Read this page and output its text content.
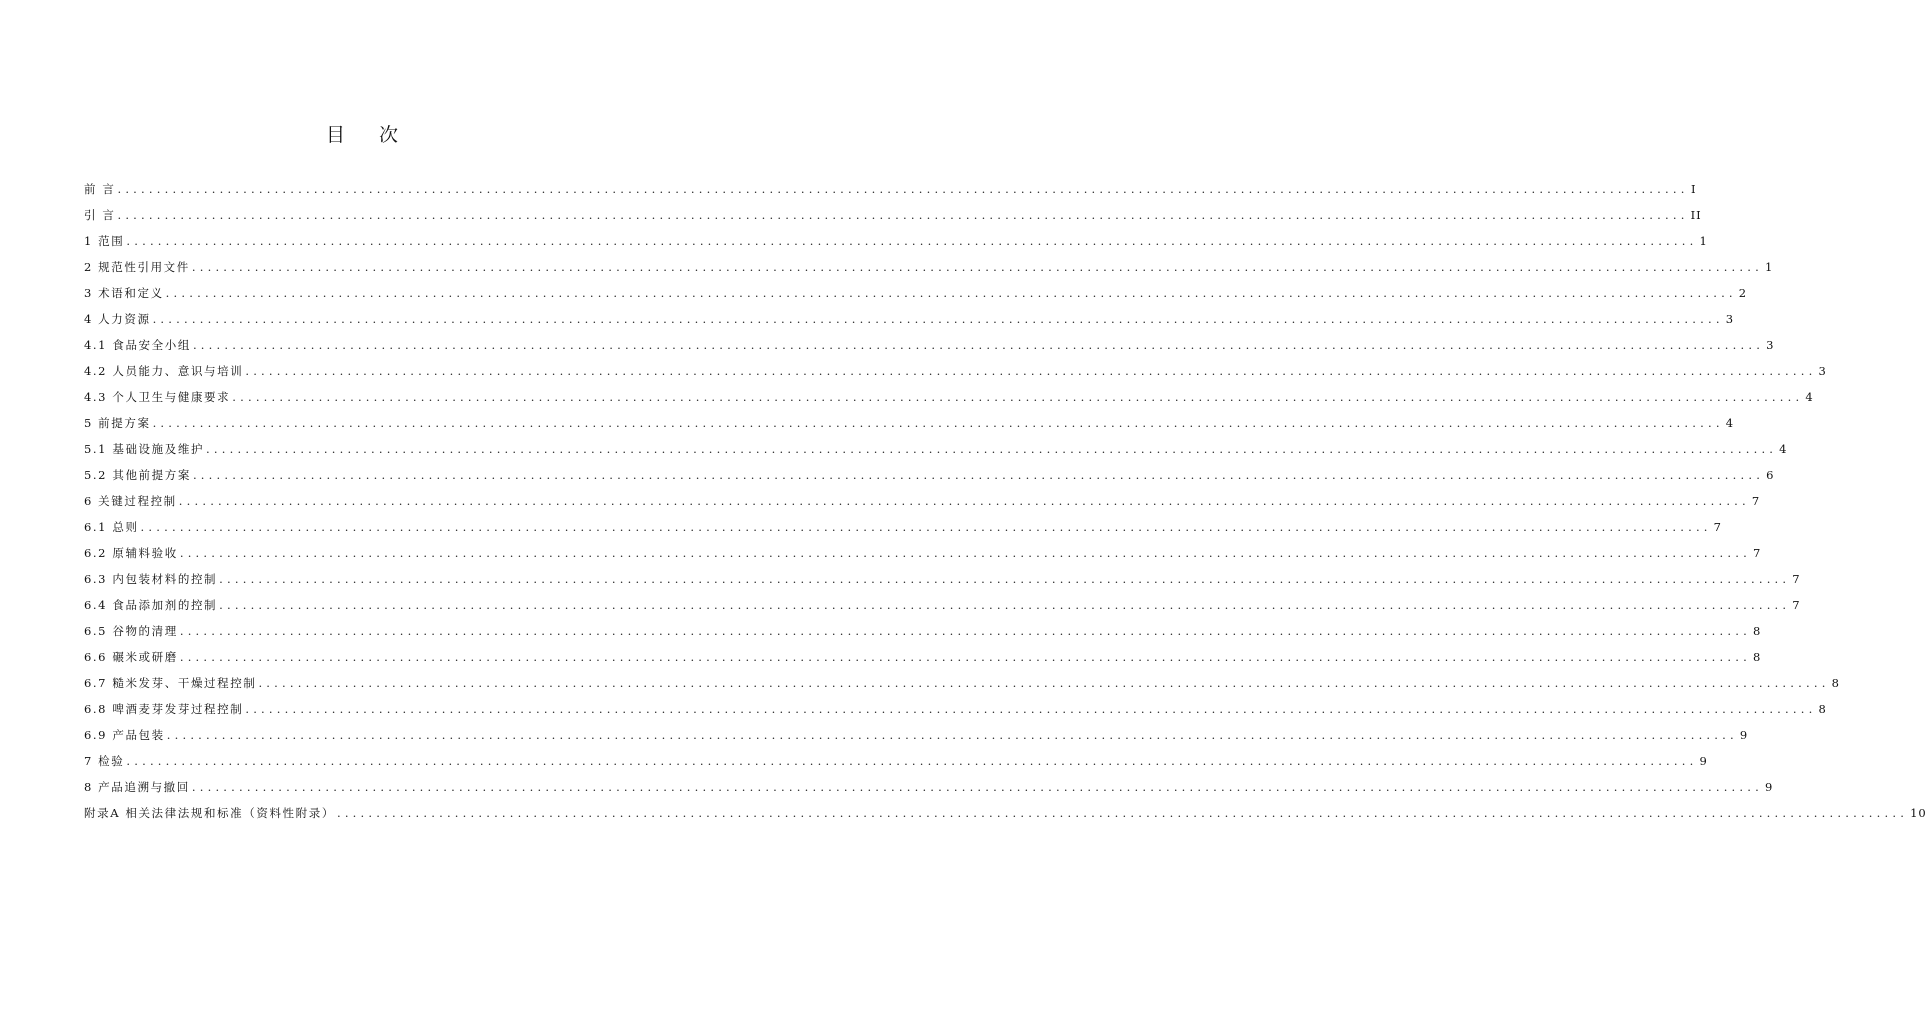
目 次
前 言 ........................................................................................................................................................................................................ I
引 言 ........................................................................................................................................................................................................ II
1 范围 ........................................................................................................................................................................................................ 1
2 规范性引用文件 ........................................................................................................................................................................................................ 1
3 术语和定义 ........................................................................................................................................................................................................ 2
4 人力资源 ........................................................................................................................................................................................................ 3
4.1 食品安全小组 ........................................................................................................................................................................................................ 3
4.2 人员能力、意识与培训 ........................................................................................................................................................................................................ 3
4.3 个人卫生与健康要求 ........................................................................................................................................................................................................ 4
5 前提方案 ........................................................................................................................................................................................................ 4
5.1 基础设施及维护 ........................................................................................................................................................................................................ 4
5.2 其他前提方案 ........................................................................................................................................................................................................ 6
6 关键过程控制 ........................................................................................................................................................................................................ 7
6.1 总则 ........................................................................................................................................................................................................ 7
6.2 原辅料验收 ........................................................................................................................................................................................................ 7
6.3 内包装材料的控制 ........................................................................................................................................................................................................ 7
6.4 食品添加剂的控制 ........................................................................................................................................................................................................ 7
6.5 谷物的清理 ........................................................................................................................................................................................................ 8
6.6 碾米或研磨 ........................................................................................................................................................................................................ 8
6.7 糙米发芽、干燥过程控制 ........................................................................................................................................................................................................ 8
6.8 啤酒麦芽发芽过程控制 ........................................................................................................................................................................................................ 8
6.9 产品包装 ........................................................................................................................................................................................................ 9
7 检验 ........................................................................................................................................................................................................ 9
8 产品追溯与撤回 ........................................................................................................................................................................................................ 9
附录A 相关法律法规和标准（资料性附录） ........................................................................................................................................................................................................ 10
